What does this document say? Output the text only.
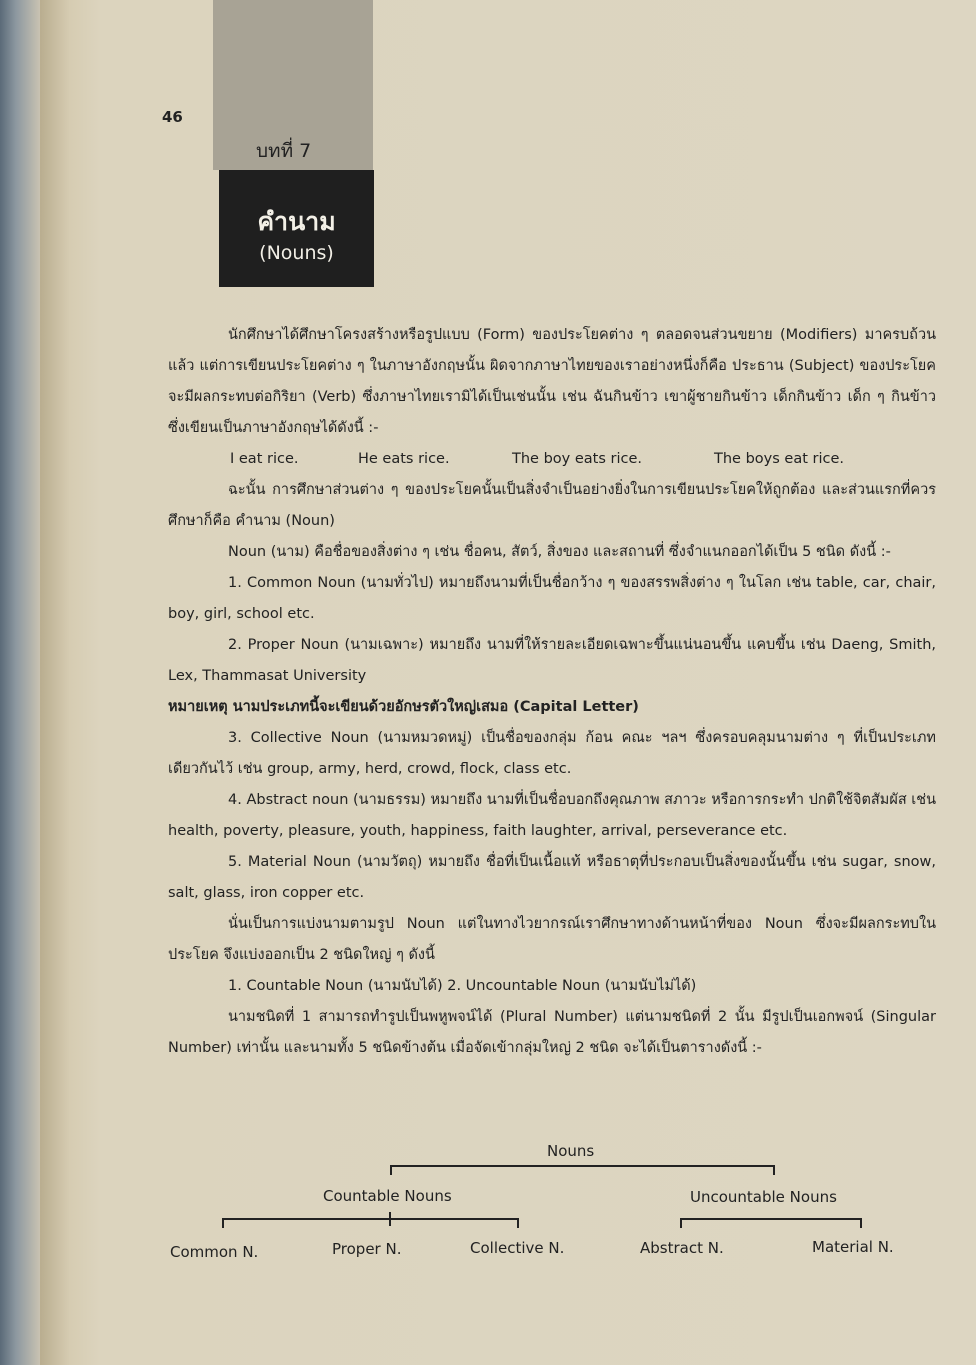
46
บทที่ 7
คำนาม
(Nouns)

นักศึกษาได้ศึกษาโครงสร้างหรือรูปแบบ (Form) ของประโยคต่าง ๆ ตลอดจนส่วนขยาย (Modifiers) มาครบถ้วนแล้ว แต่การเขียนประโยคต่าง ๆ ในภาษาอังกฤษนั้น ผิดจากภาษาไทยของเราอย่างหนึ่งก็คือ ประธาน (Subject) ของประโยคจะมีผลกระทบต่อกิริยา (Verb) ซึ่งภาษาไทยเรามิได้เป็นเช่นนั้น เช่น ฉันกินข้าว เขาผู้ชายกินข้าว เด็กกินข้าว เด็ก ๆ กินข้าว ซึ่งเขียนเป็นภาษาอังกฤษได้ดังนี้ :-

I eat rice.	He eats rice.	The boy eats rice.	The boys eat rice.

ฉะนั้น การศึกษาส่วนต่าง ๆ ของประโยคนั้นเป็นสิ่งจำเป็นอย่างยิ่งในการเขียนประโยคให้ถูกต้อง และส่วนแรกที่ควรศึกษาก็คือ คำนาม (Noun)

Noun (นาม) คือชื่อของสิ่งต่าง ๆ เช่น ชื่อคน, สัตว์, สิ่งของ และสถานที่ ซึ่งจำแนกออกได้เป็น 5 ชนิด ดังนี้ :-

1. Common Noun (นามทั่วไป) หมายถึงนามที่เป็นชื่อกว้าง ๆ ของสรรพสิ่งต่าง ๆ ในโลก เช่น table, car, chair, boy, girl, school etc.

2. Proper Noun (นามเฉพาะ) หมายถึง นามที่ให้รายละเอียดเฉพาะขึ้นแน่นอนขึ้น แคบขึ้น เช่น Daeng, Smith, Lex, Thammasat University

หมายเหตุ นามประเภทนี้จะเขียนด้วยอักษรตัวใหญ่เสมอ (Capital Letter)

3. Collective Noun (นามหมวดหมู่) เป็นชื่อของกลุ่ม ก้อน คณะ ฯลฯ ซึ่งครอบคลุมนามต่าง ๆ ที่เป็นประเภทเดียวกันไว้ เช่น group, army, herd, crowd, flock, class etc.

4. Abstract noun (นามธรรม) หมายถึง นามที่เป็นชื่อบอกถึงคุณภาพ สภาวะ หรือการกระทำ ปกติใช้จิตสัมผัส เช่น health, poverty, pleasure, youth, happiness, faith laughter, arrival, perseverance etc.

5. Material Noun (นามวัตถุ) หมายถึง ชื่อที่เป็นเนื้อแท้ หรือธาตุที่ประกอบเป็นสิ่งของนั้นขึ้น เช่น sugar, snow, salt, glass, iron copper etc.

นั่นเป็นการแบ่งนามตามรูป Noun แต่ในทางไวยากรณ์เราศึกษาทางด้านหน้าที่ของ Noun ซึ่งจะมีผลกระทบในประโยค จึงแบ่งออกเป็น 2 ชนิดใหญ่ ๆ ดังนี้

1. Countable Noun (นามนับได้) 2. Uncountable Noun (นามนับไม่ได้)

นามชนิดที่ 1 สามารถทำรูปเป็นพหูพจน์ได้ (Plural Number) แต่นามชนิดที่ 2 นั้น มีรูปเป็นเอกพจน์ (Singular Number) เท่านั้น และนามทั้ง 5 ชนิดข้างต้น เมื่อจัดเข้ากลุ่มใหญ่ 2 ชนิด จะได้เป็นตารางดังนี้ :-

Nouns
Countable Nouns	Uncountable Nouns
Common N.	Proper N.	Collective N.	Abstract N.	Material N.
